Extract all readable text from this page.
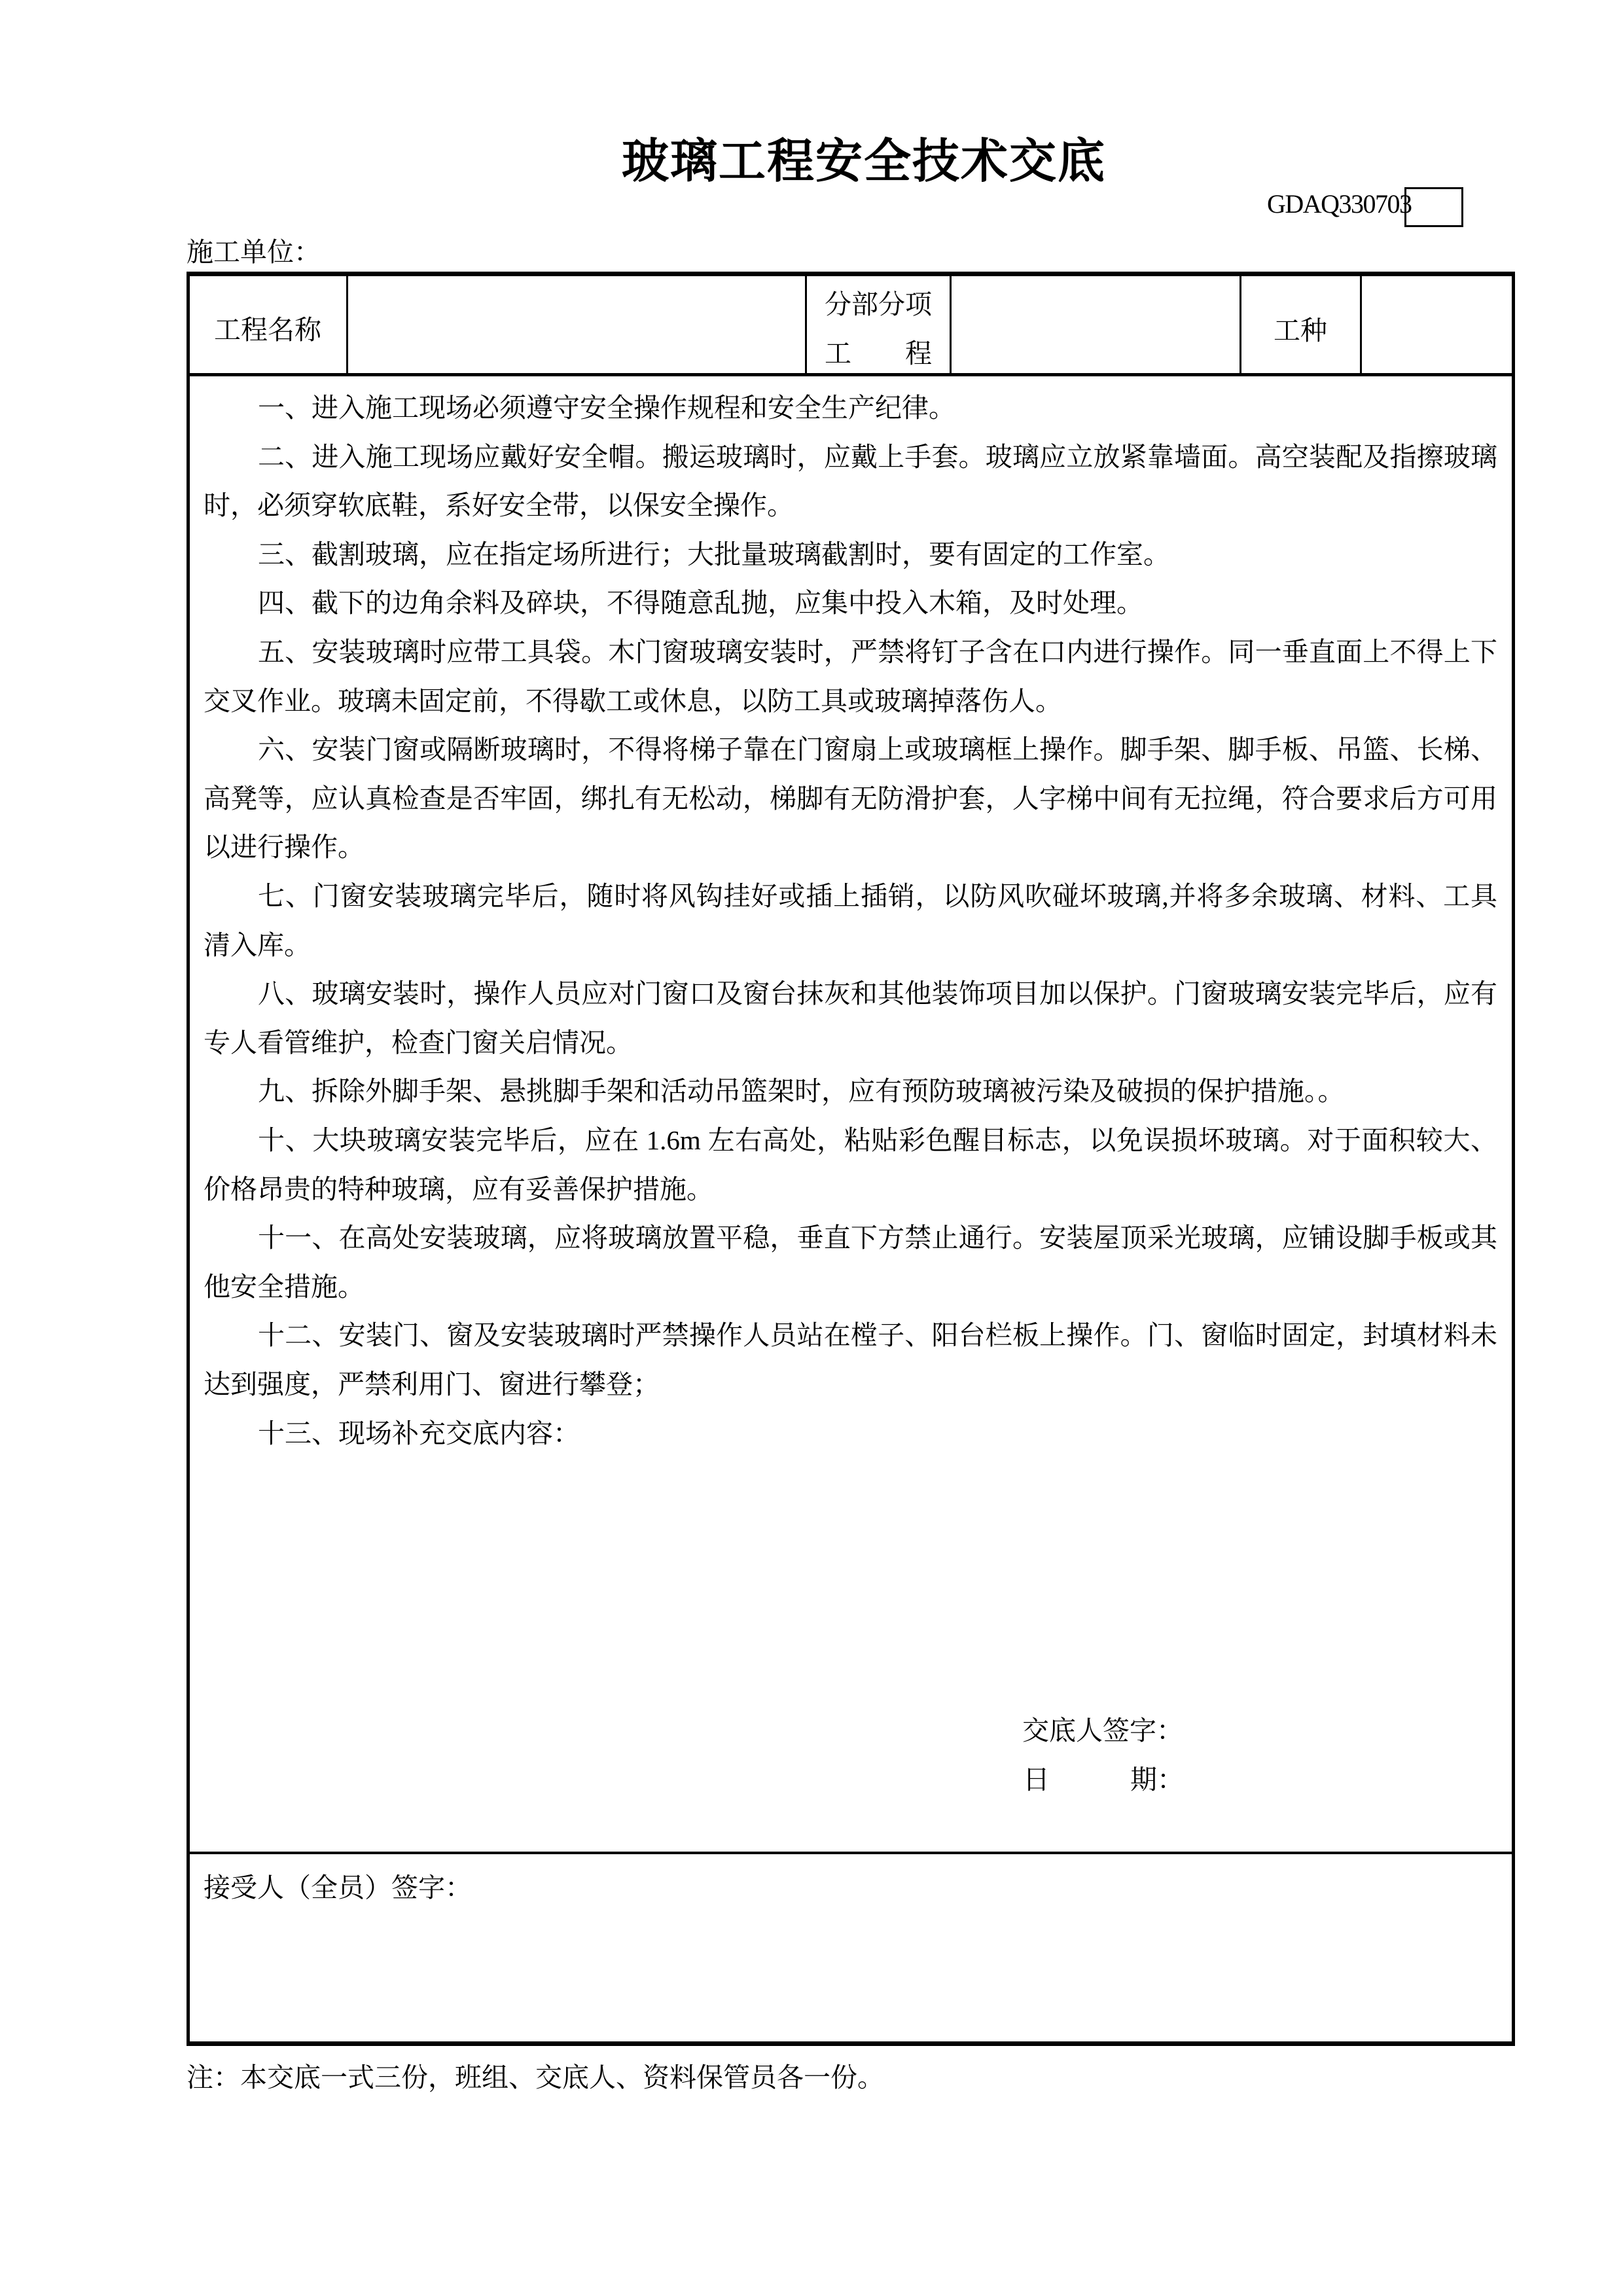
玻璃工程安全技术交底
GDAQ330703
施工单位：
工程名称
分部分项
工 程
工种
一、进入施工现场必须遵守安全操作规程和安全生产纪律。
二、进入施工现场应戴好安全帽。搬运玻璃时，应戴上手套。玻璃应立放紧靠墙面。高空装配及指擦玻璃
时，必须穿软底鞋，系好安全带，以保安全操作。
三、截割玻璃，应在指定场所进行；大批量玻璃截割时，要有固定的工作室。
四、截下的边角余料及碎块，不得随意乱抛，应集中投入木箱，及时处理。
五、安装玻璃时应带工具袋。木门窗玻璃安装时，严禁将钉子含在口内进行操作。同一垂直面上不得上下
交叉作业。玻璃未固定前，不得歇工或休息，以防工具或玻璃掉落伤人。
六、安装门窗或隔断玻璃时，不得将梯子靠在门窗扇上或玻璃框上操作。脚手架、脚手板、吊篮、长梯、
高凳等，应认真检查是否牢固，绑扎有无松动，梯脚有无防滑护套，人字梯中间有无拉绳，符合要求后方可用
以进行操作。
七、门窗安装玻璃完毕后，随时将风钩挂好或插上插销，以防风吹碰坏玻璃,并将多余玻璃、材料、工具
清入库。
八、玻璃安装时，操作人员应对门窗口及窗台抹灰和其他装饰项目加以保护。门窗玻璃安装完毕后，应有
专人看管维护，检查门窗关启情况。
九、拆除外脚手架、悬挑脚手架和活动吊篮架时，应有预防玻璃被污染及破损的保护措施。。
十、大块玻璃安装完毕后，应在 1.6m 左右高处，粘贴彩色醒目标志，以免误损坏玻璃。对于面积较大、
价格昂贵的特种玻璃，应有妥善保护措施。
十一、在高处安装玻璃，应将玻璃放置平稳，垂直下方禁止通行。安装屋顶采光玻璃，应铺设脚手板或其
他安全措施。
十二、安装门、窗及安装玻璃时严禁操作人员站在樘子、阳台栏板上操作。门、窗临时固定，封填材料未
达到强度，严禁利用门、窗进行攀登；
十三、现场补充交底内容：
交底人签字：
日	期：
接受人（全员）签字：
注：本交底一式三份，班组、交底人、资料保管员各一份。
